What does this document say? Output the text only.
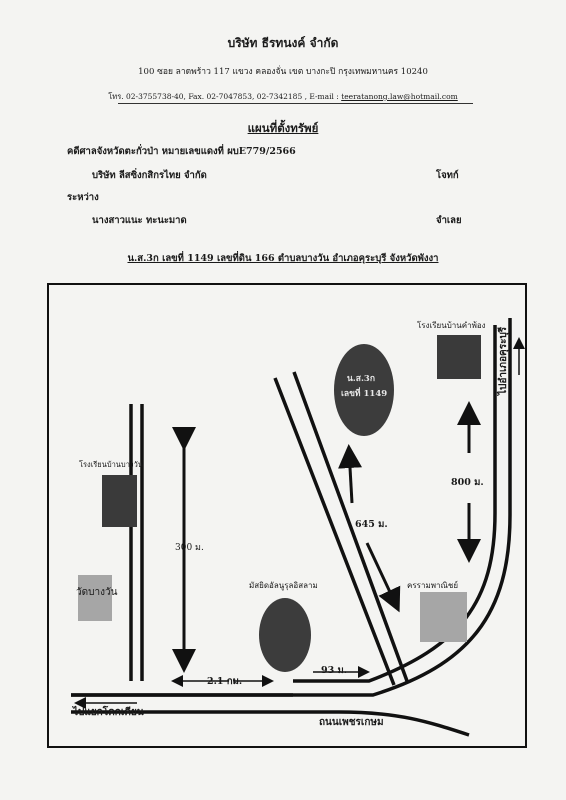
บริษัท ธีรทนงค์ จำกัด
100 ซอย ลาดพร้าว 117 แขวง คลองจั่น เขต บางกะปิ กรุงเทพมหานคร 10240
โทร. 02-3755738-40, Fax. 02-7047853, 02-7342185 , E-mail : teeratanong.law@hotmail.com
แผนที่ตั้งทรัพย์
คดีศาลจังหวัดตะกั่วป่า หมายเลขแดงที่ ผบE779/2566
บริษัท ลีสซิ่งกสิกรไทย จำกัด	โจทก์
ระหว่าง
นางสาวแนะ ทะนะมาด	จำเลย
น.ส.3ก เลขที่ 1149 เลขที่ดิน 166 ตำบลบางวัน อำเภอคุระบุรี จังหวัดพังงา
โรงเรียนบ้านคำพ้อง
ไปอำเภอคุระบุรี
น.ส.3ก
เลขที่ 1149
โรงเรียนบ้านบางวัน
วัดบางวัน
มัสยิดอัลนูรุลอิสลาม	ครรามพาณิชย์
300 ม.
645 ม.
800 ม.
2.1 กม.
93 ม.
ถนนเพชรเกษม
ไปแยกโคกเคียน
